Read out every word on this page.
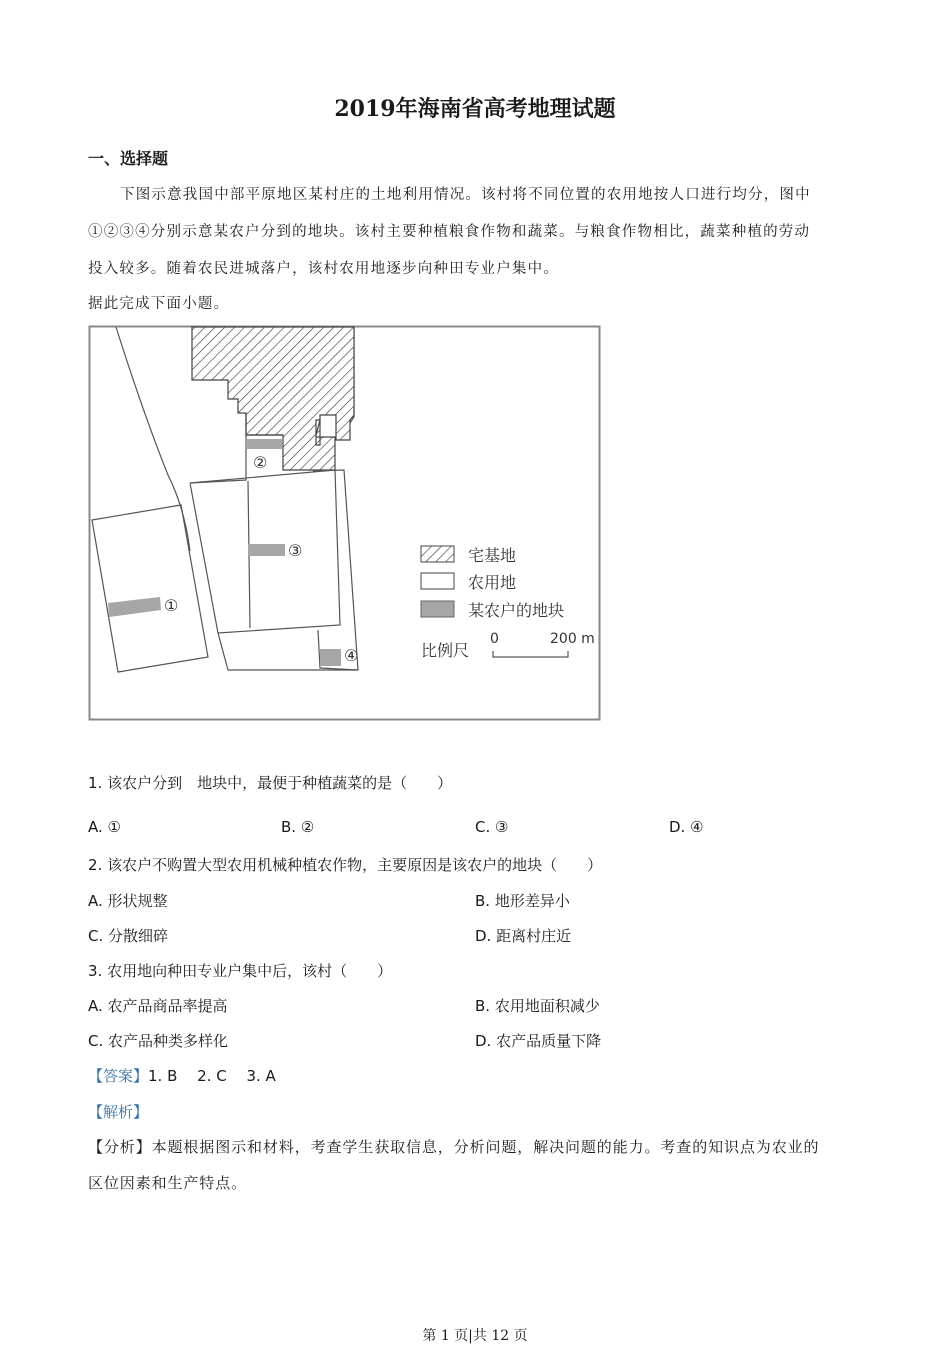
2019年海南省高考地理试题
一、选择题
下图示意我国中部平原地区某村庄的土地利用情况。该村将不同位置的农用地按人口进行均分，图中
①②③④分别示意某农户分到的地块。该村主要种植粮食作物和蔬菜。与粮食作物相比，蔬菜种植的劳动
投入较多。随着农民进城落户，该村农用地逐步向种田专业户集中。
据此完成下面小题。
②
③
①
④
宅基地
农用地
某农户的地块
比例尺
0	200 m
1. 该农户分到　地块中，最便于种植蔬菜的是（　　）
A. ①	B. ②	C. ③	D. ④
2. 该农户不购置大型农用机械种植农作物，主要原因是该农户的地块（　　）
A. 形状规整	B. 地形差异小
C. 分散细碎	D. 距离村庄近
3. 农用地向种田专业户集中后，该村（　　）
A. 农产品商品率提高	B. 农用地面积减少
C. 农产品种类多样化	D. 农产品质量下降
【答案】1. B　 2. C　 3. A
【解析】
【分析】本题根据图示和材料，考查学生获取信息，分析问题，解决问题的能力。考查的知识点为农业的
区位因素和生产特点。
第 1 页|共 12 页
